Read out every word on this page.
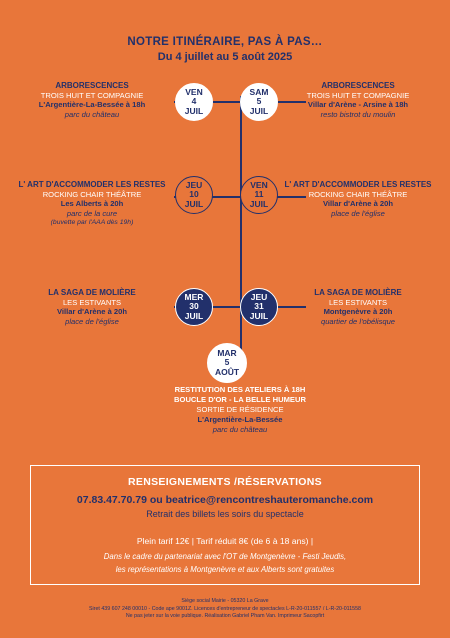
NOTRE ITINÉRAIRE, PAS À PAS…
Du 4 juillet au 5 août 2025
VEN
4
JUIL
SAM
5
JUIL
ARBORESCENCES
TROIS HUIT ET COMPAGNIE
L'Argentière-La-Bessée à 18h
parc du château
ARBORESCENCES
TROIS HUIT ET COMPAGNIE
Villar d'Arène - Arsine à 18h
resto bistrot du moulin
JEU
10
JUIL
VEN
11
JUIL
L' ART D'ACCOMMODER LES RESTES
ROCKING CHAIR THÉÂTRE
Les Alberts à 20h
parc de la cure
(buvette par l'AAA dès 19h)
L' ART D'ACCOMMODER LES RESTES
ROCKING CHAIR THÉÂTRE
Villar d'Arène à 20h
place de l'église
MER
30
JUIL
JEU
31
JUIL
LA SAGA DE MOLIÈRE
LES ESTIVANTS
Villar d'Arène à 20h
place de l'église
LA SAGA DE MOLIÈRE
LES ESTIVANTS
Montgenèvre à 20h
quartier de l'obélisque
MAR
5
AOÛT
RESTITUTION DES ATELIERS À 18H
BOUCLE D'OR - LA BELLE HUMEUR
SORTIE DE RÉSIDENCE
L'Argentière-La-Bessée
parc du château
RENSEIGNEMENTS /RÉSERVATIONS
07.83.47.70.79 ou beatrice@rencontreshauteromanche.com
Retrait des billets les soirs du spectacle
Plein tarif 12€ | Tarif réduit 8€ (de 6 à 18 ans) |
Dans le cadre du partenariat avec l'OT de Montgenèvre - Festi Jeudis,
les représentations à Montgenèvre et aux Alberts sont gratuites
Siège social Mairie - 05320 La Grave
Siret 439 607 248 00010 - Code ape 9001Z. Licences d'entrepreneur de spectacles L-R-20-011557 / L-R-20-011558
Ne pas jeter sur la voie publique. Réalisation Gabriel Pham Van. Imprimeur Sacopfirt
